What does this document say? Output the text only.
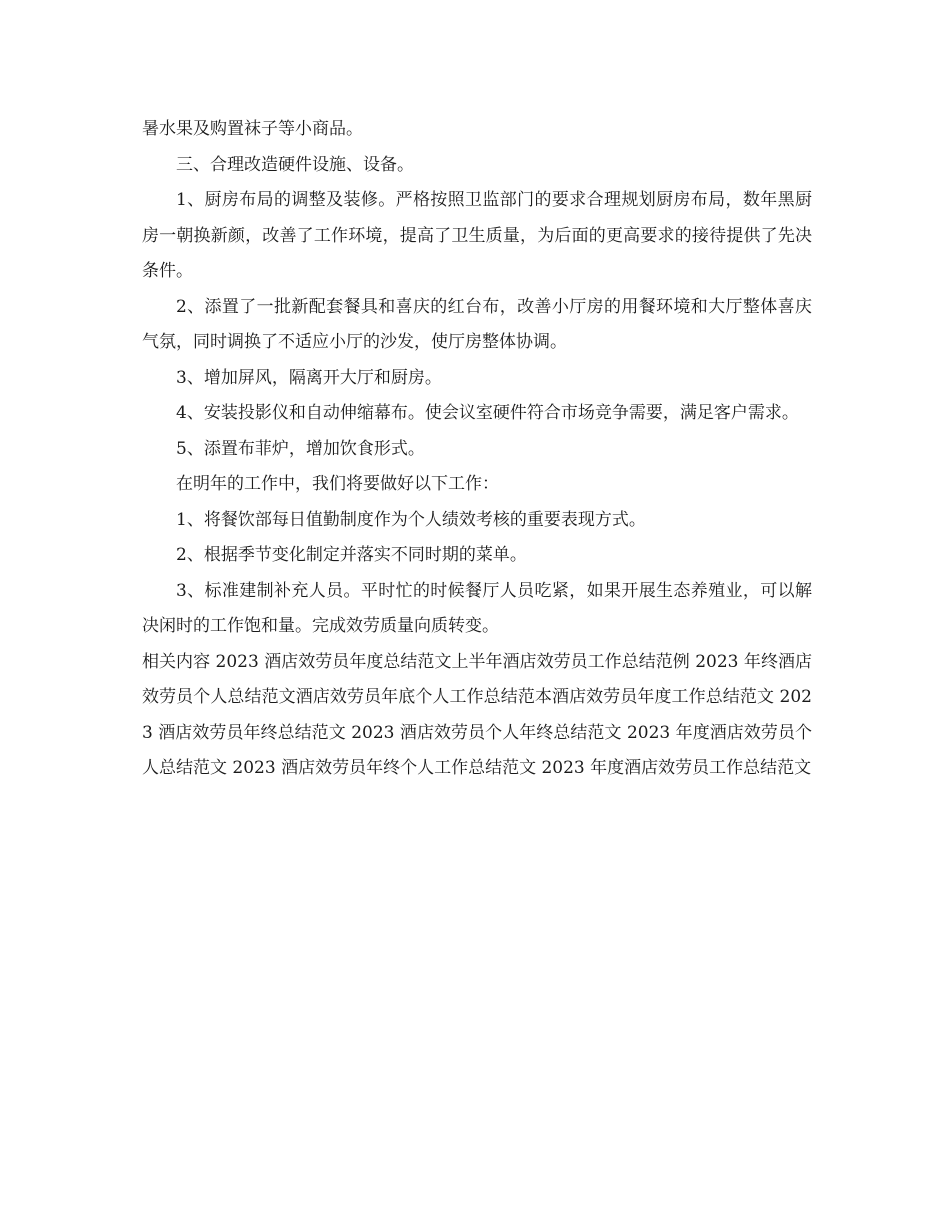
暑水果及购置袜子等小商品。

三、合理改造硬件设施、设备。

1、厨房布局的调整及装修。严格按照卫监部门的要求合理规划厨房布局，数年黑厨房一朝换新颜，改善了工作环境，提高了卫生质量，为后面的更高要求的接待提供了先决条件。

2、添置了一批新配套餐具和喜庆的红台布，改善小厅房的用餐环境和大厅整体喜庆气氛，同时调换了不适应小厅的沙发，使厅房整体协调。

3、增加屏风，隔离开大厅和厨房。

4、安装投影仪和自动伸缩幕布。使会议室硬件符合市场竞争需要，满足客户需求。

5、添置布菲炉，增加饮食形式。

在明年的工作中，我们将要做好以下工作：

1、将餐饮部每日值勤制度作为个人绩效考核的重要表现方式。

2、根据季节变化制定并落实不同时期的菜单。

3、标准建制补充人员。平时忙的时候餐厅人员吃紧，如果开展生态养殖业，可以解决闲时的工作饱和量。完成效劳质量向质转变。

相关内容 2023 酒店效劳员年度总结范文上半年酒店效劳员工作总结范例 2023 年终酒店效劳员个人总结范文酒店效劳员年底个人工作总结范本酒店效劳员年度工作总结范文 2023 酒店效劳员年终总结范文 2023 酒店效劳员个人年终总结范文 2023 年度酒店效劳员个人总结范文 2023 酒店效劳员年终个人工作总结范文 2023 年度酒店效劳员工作总结范文
